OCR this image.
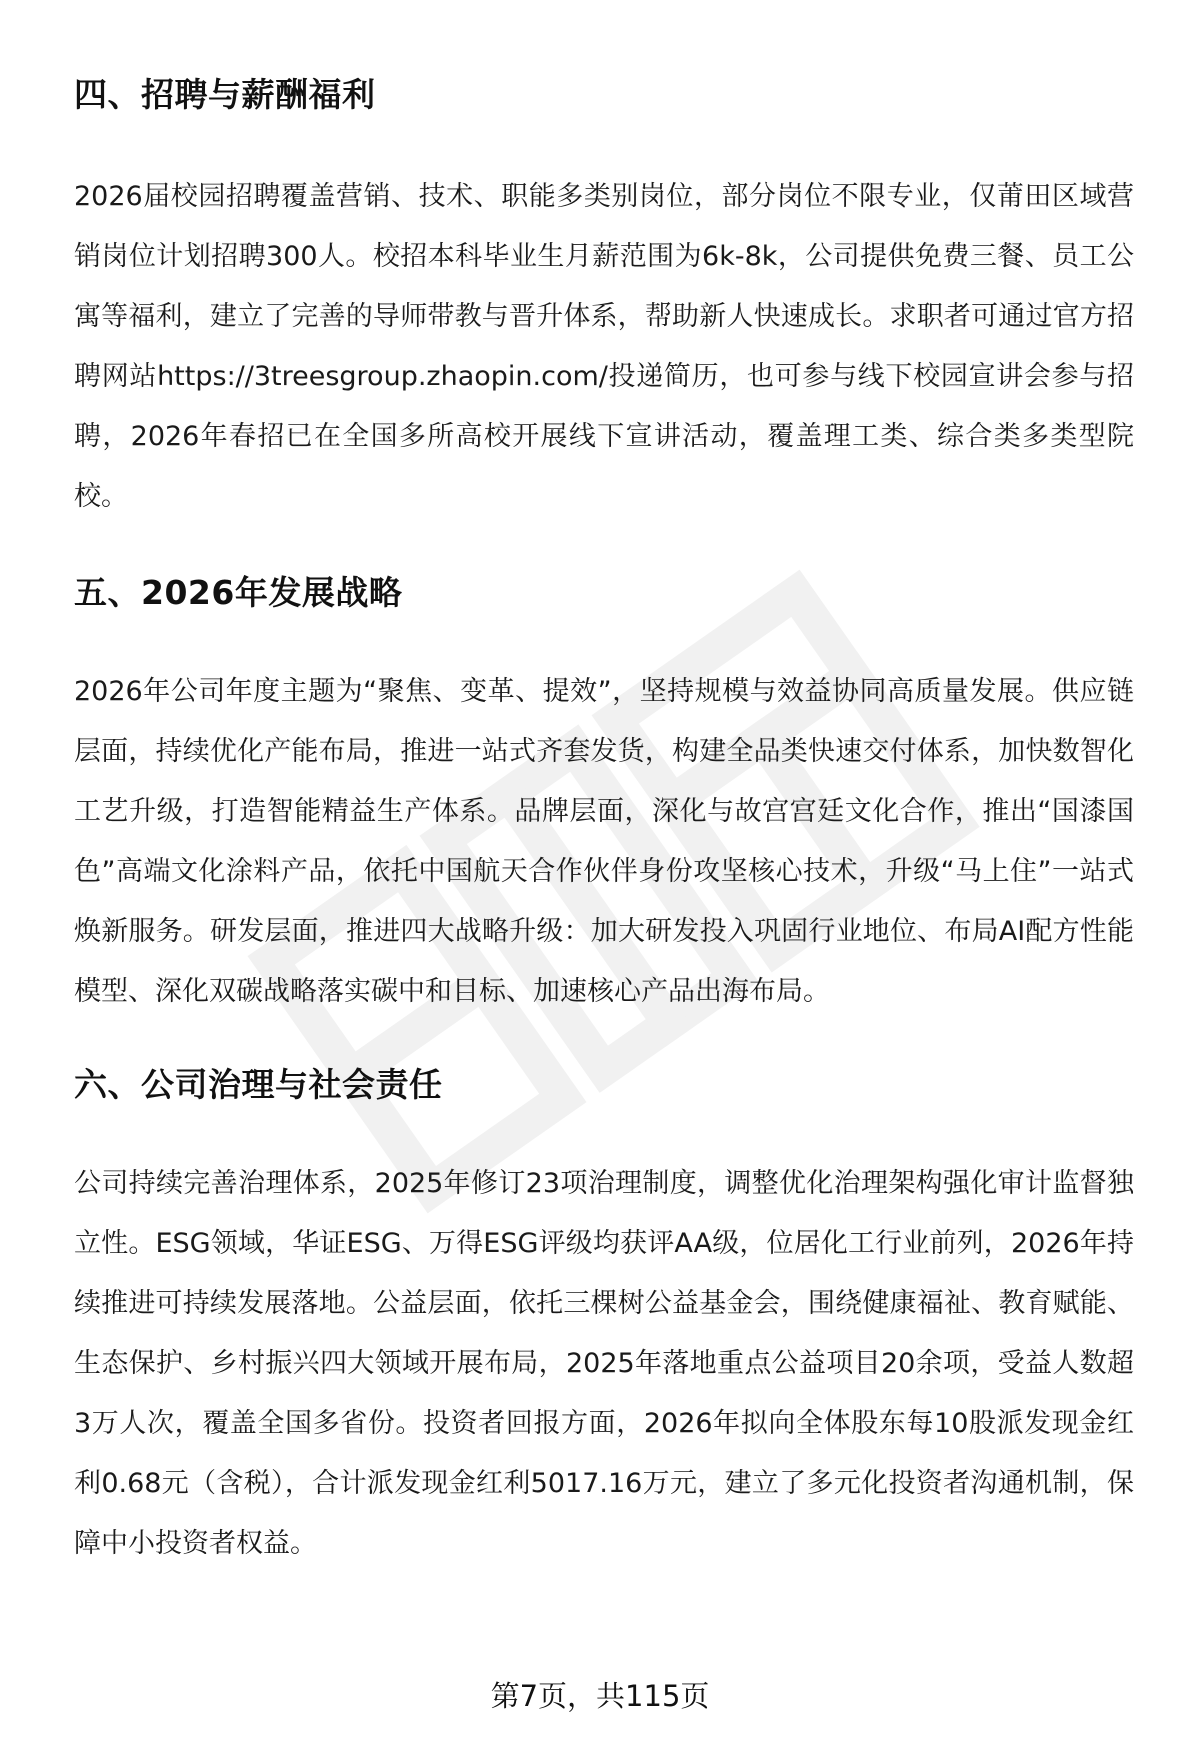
四、招聘与薪酬福利

2026届校园招聘覆盖营销、技术、职能多类别岗位，部分岗位不限专业，仅莆田区域营销岗位计划招聘300人。校招本科毕业生月薪范围为6k-8k，公司提供免费三餐、员工公寓等福利，建立了完善的导师带教与晋升体系，帮助新人快速成长。求职者可通过官方招聘网站https://3treesgroup.zhaopin.com/投递简历，也可参与线下校园宣讲会参与招聘，2026年春招已在全国多所高校开展线下宣讲活动，覆盖理工类、综合类多类型院校。

五、2026年发展战略

2026年公司年度主题为“聚焦、变革、提效”，坚持规模与效益协同高质量发展。供应链层面，持续优化产能布局，推进一站式齐套发货，构建全品类快速交付体系，加快数智化工艺升级，打造智能精益生产体系。品牌层面，深化与故宫宫廷文化合作，推出“国漆国色”高端文化涂料产品，依托中国航天合作伙伴身份攻坚核心技术，升级“马上住”一站式焕新服务。研发层面，推进四大战略升级：加大研发投入巩固行业地位、布局AI配方性能模型、深化双碳战略落实碳中和目标、加速核心产品出海布局。

六、公司治理与社会责任

公司持续完善治理体系，2025年修订23项治理制度，调整优化治理架构强化审计监督独立性。ESG领域，华证ESG、万得ESG评级均获评AA级，位居化工行业前列，2026年持续推进可持续发展落地。公益层面，依托三棵树公益基金会，围绕健康福祉、教育赋能、生态保护、乡村振兴四大领域开展布局，2025年落地重点公益项目20余项，受益人数超3万人次，覆盖全国多省份。投资者回报方面，2026年拟向全体股东每10股派发现金红利0.68元（含税），合计派发现金红利5017.16万元，建立了多元化投资者沟通机制，保障中小投资者权益。

第7页，共115页
